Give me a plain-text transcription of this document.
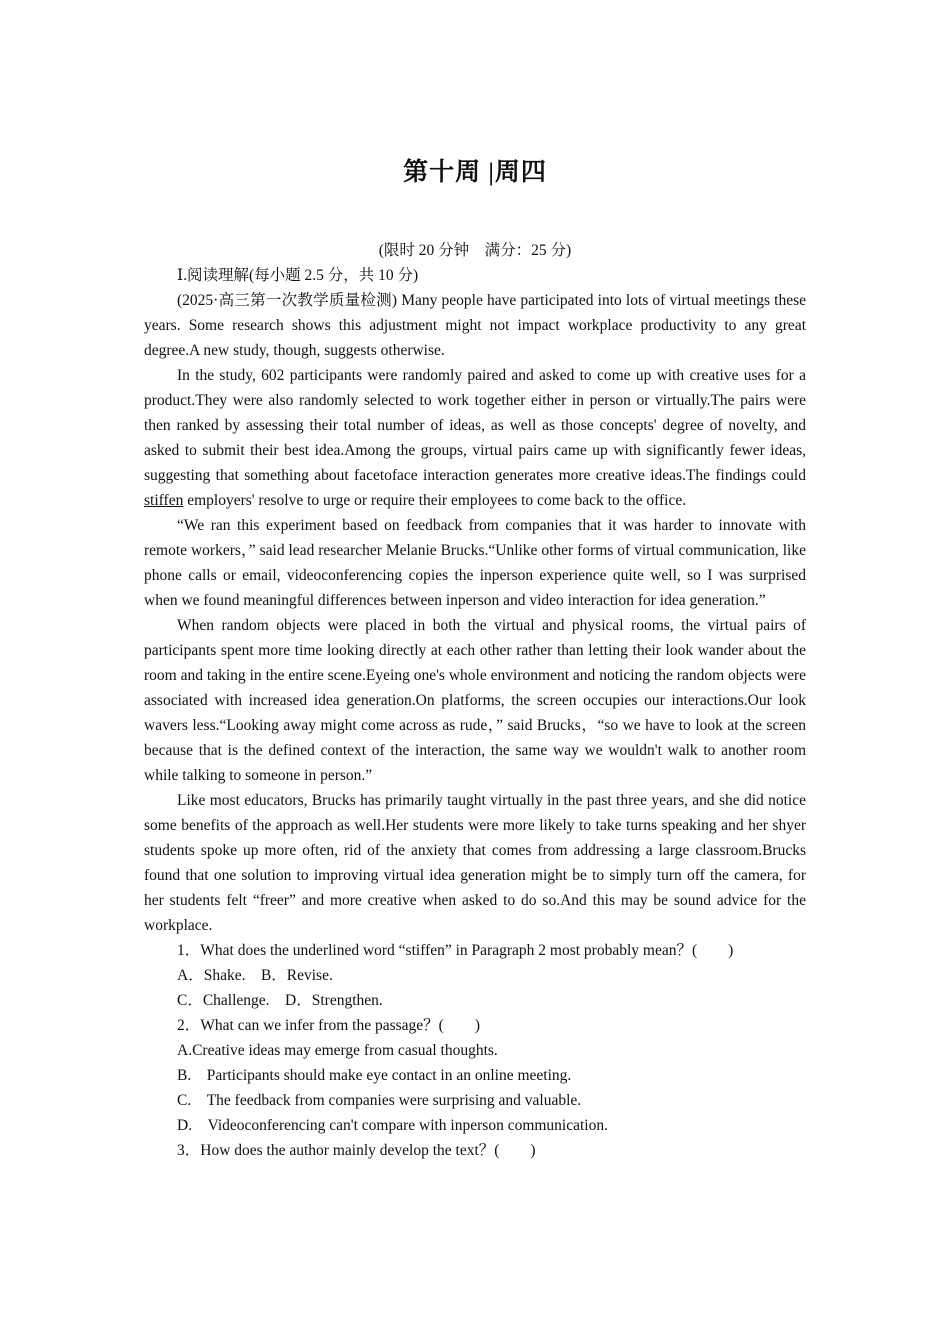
第十周 |周四
(限时 20 分钟　满分：25 分)
Ⅰ.阅读理解(每小题 2.5 分，共 10 分)

(2025·高三第一次教学质量检测) Many people have participated into lots of virtual meetings these years. Some research shows this adjustment might not impact workplace productivity to any great degree.A new study, though, suggests otherwise.

In the study, 602 participants were randomly paired and asked to come up with creative uses for a product.They were also randomly selected to work together either in person or virtually.The pairs were then ranked by assessing their total number of ideas, as well as those concepts' degree of novelty, and asked to submit their best idea.Among the groups, virtual pairs came up with significantly fewer ideas, suggesting that something about facetoface interaction generates more creative ideas.The findings could stiffen employers' resolve to urge or require their employees to come back to the office.

“We ran this experiment based on feedback from companies that it was harder to innovate with remote workers，” said lead researcher Melanie Brucks.“Unlike other forms of virtual communication, like phone calls or email, videoconferencing copies the inperson experience quite well, so I was surprised when we found meaningful differences between inperson and video interaction for idea generation.”

When random objects were placed in both the virtual and physical rooms, the virtual pairs of participants spent more time looking directly at each other rather than letting their look wander about the room and taking in the entire scene.Eyeing one's whole environment and noticing the random objects were associated with increased idea generation.On platforms, the screen occupies our interactions.Our look wavers less.“Looking away might come across as rude，” said Brucks，“so we have to look at the screen because that is the defined context of the interaction, the same way we wouldn't walk to another room while talking to someone in person.”

Like most educators, Brucks has primarily taught virtually in the past three years, and she did notice some benefits of the approach as well.Her students were more likely to take turns speaking and her shyer students spoke up more often, rid of the anxiety that comes from addressing a large classroom.Brucks found that one solution to improving virtual idea generation might be to simply turn off the camera, for her students felt “freer” and more creative when asked to do so.And this may be sound advice for the workplace.

1．What does the underlined word “stiffen” in Paragraph 2 most probably mean？(　　)

A．Shake.　B．Revise.

C．Challenge.　D．Strengthen.

2．What can we infer from the passage？(　　)

A.Creative ideas may emerge from casual thoughts.

B.　Participants should make eye contact in an online meeting.

C.　The feedback from companies were surprising and valuable.

D.　Videoconferencing can't compare with inperson communication.

3．How does the author mainly develop the text？(　　)
